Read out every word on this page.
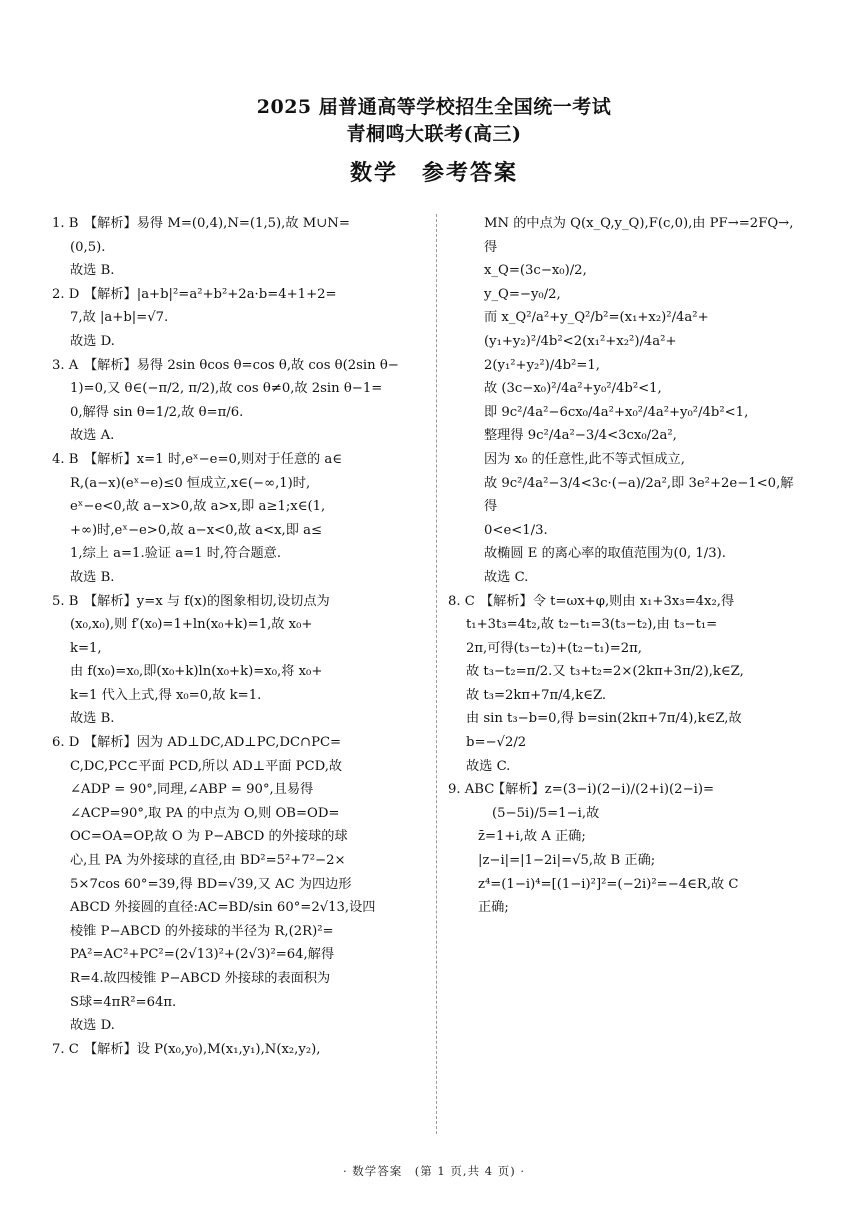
2025 届普通高等学校招生全国统一考试
青桐鸣大联考(高三)
数学　参考答案
1. B 【解析】易得 M=(0,4),N=(1,5),故 M∪N=
(0,5).
故选 B.
2. D 【解析】|a+b|²=a²+b²+2a·b=4+1+2=
7,故 |a+b|=√7.
故选 D.
3. A 【解析】易得 2sin θcos θ=cos θ,故 cos θ(2sin θ−
1)=0,又 θ∈(−π/2, π/2),故 cos θ≠0,故 2sin θ−1=
0,解得 sin θ=1/2,故 θ=π/6.
故选 A.
4. B 【解析】x=1 时,eˣ−e=0,则对于任意的 a∈
R,(a−x)(eˣ−e)≤0 恒成立,x∈(−∞,1)时,
eˣ−e<0,故 a−x>0,故 a>x,即 a≥1;x∈(1,
+∞)时,eˣ−e>0,故 a−x<0,故 a<x,即 a≤
1,综上 a=1.验证 a=1 时,符合题意.
故选 B.
5. B 【解析】y=x 与 f(x)的图象相切,设切点为
(x₀,x₀),则 f′(x₀)=1+ln(x₀+k)=1,故 x₀+
k=1,
由 f(x₀)=x₀,即(x₀+k)ln(x₀+k)=x₀,将 x₀+
k=1 代入上式,得 x₀=0,故 k=1.
故选 B.
6. D 【解析】因为 AD⊥DC,AD⊥PC,DC∩PC=
C,DC,PC⊂平面 PCD,所以 AD⊥平面 PCD,故
∠ADP = 90°,同理,∠ABP = 90°,且易得
∠ACP=90°,取 PA 的中点为 O,则 OB=OD=
OC=OA=OP,故 O 为 P−ABCD 的外接球的球
心,且 PA 为外接球的直径,由 BD²=5²+7²−2×
5×7cos 60°=39,得 BD=√39,又 AC 为四边形
ABCD 外接圆的直径:AC=BD/sin 60°=2√13,设四
棱锥 P−ABCD 的外接球的半径为 R,(2R)²=
PA²=AC²+PC²=(2√13)²+(2√3)²=64,解得
R=4.故四棱锥 P−ABCD 外接球的表面积为
S球=4πR²=64π.
故选 D.
7. C 【解析】设 P(x₀,y₀),M(x₁,y₁),N(x₂,y₂),
MN 的中点为 Q(x_Q,y_Q),F(c,0),由 PF→=2FQ→,得
x_Q=(3c−x₀)/2,
y_Q=−y₀/2,
而 x_Q²/a²+y_Q²/b²=(x₁+x₂)²/4a²+(y₁+y₂)²/4b²<2(x₁²+x₂²)/4a²+
2(y₁²+y₂²)/4b²=1,
故 (3c−x₀)²/4a²+y₀²/4b²<1,
即 9c²/4a²−6cx₀/4a²+x₀²/4a²+y₀²/4b²<1,
整理得 9c²/4a²−3/4<3cx₀/2a²,
因为 x₀ 的任意性,此不等式恒成立,
故 9c²/4a²−3/4<3c·(−a)/2a²,即 3e²+2e−1<0,解得
0<e<1/3.
故椭圆 E 的离心率的取值范围为(0, 1/3).
故选 C.
8. C 【解析】令 t=ωx+φ,则由 x₁+3x₃=4x₂,得
t₁+3t₃=4t₂,故 t₂−t₁=3(t₃−t₂),由 t₃−t₁=
2π,可得(t₃−t₂)+(t₂−t₁)=2π,
故 t₃−t₂=π/2.又 t₃+t₂=2×(2kπ+3π/2),k∈Z,
故 t₃=2kπ+7π/4,k∈Z.
由 sin t₃−b=0,得 b=sin(2kπ+7π/4),k∈Z,故
b=−√2/2
故选 C.
9. ABC
【解析】z=(3−i)(2−i)/(2+i)(2−i)=(5−5i)/5=1−i,故
z̄=1+i,故 A 正确;
|z−i|=|1−2i|=√5,故 B 正确;
z⁴=(1−i)⁴=[(1−i)²]²=(−2i)²=−4∈R,故 C
正确;
· 数学答案　(第 1 页,共 4 页) ·
